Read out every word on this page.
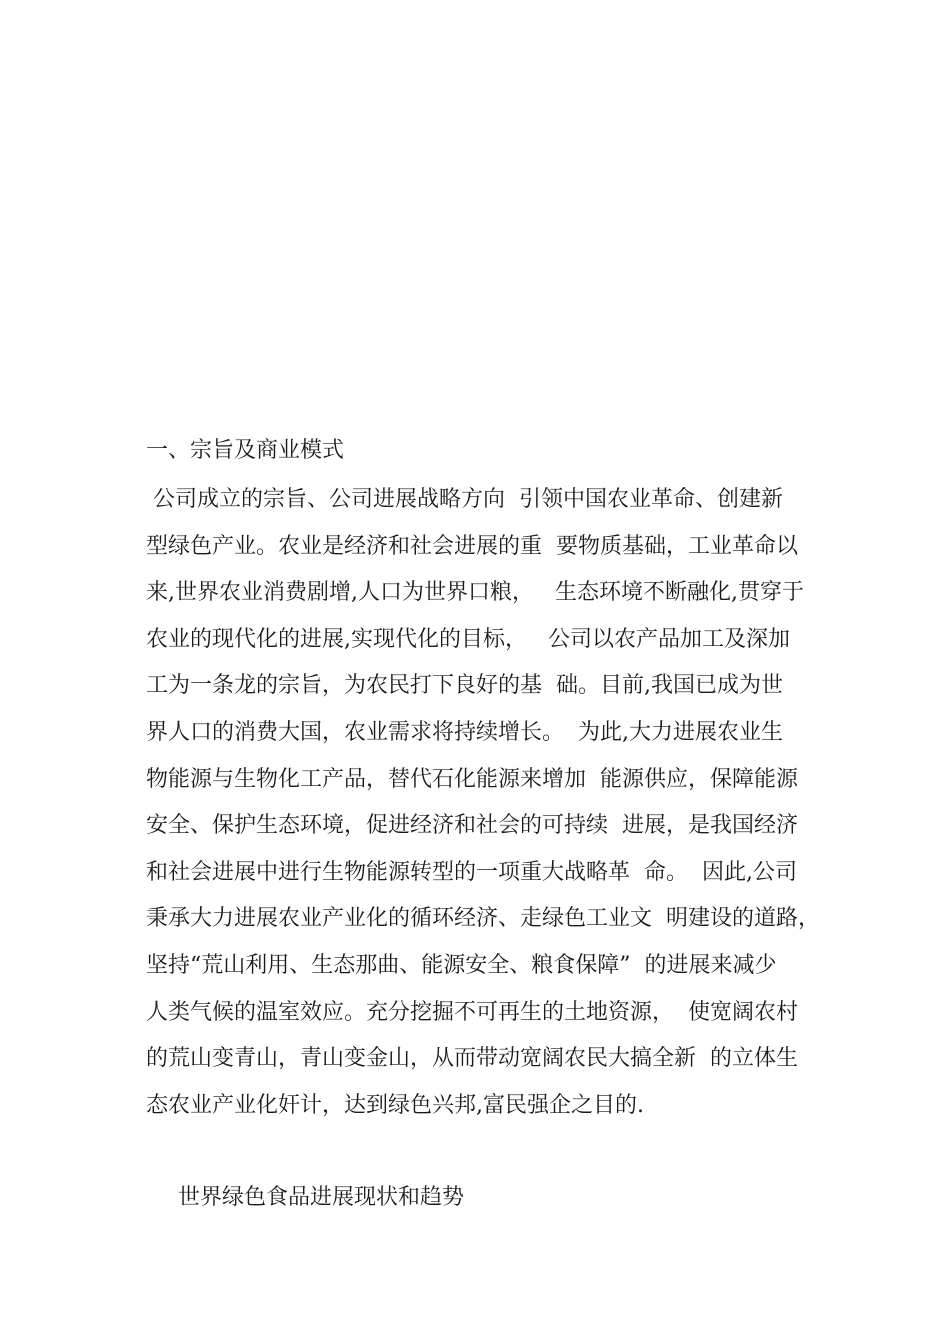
一、宗旨及商业模式
公司成立的宗旨、公司进展战略方向  引领中国农业革命、创建新
型绿色产业。农业是经济和社会进展的重  要物质基础，工业革命以
来,世界农业消费剧增,人口为世界口粮，   生态环境不断融化,贯穿于
农业的现代化的进展,实现代化的目标，   公司以农产品加工及深加
工为一条龙的宗旨，为农民打下良好的基  础。目前,我国已成为世
界人口的消费大国，农业需求将持续增长。  为此,大力进展农业生
物能源与生物化工产品，替代石化能源来增加  能源供应，保障能源
安全、保护生态环境，促进经济和社会的可持续  进展，是我国经济
和社会进展中进行生物能源转型的一项重大战略革  命。  因此,公司
秉承大力进展农业产业化的循环经济、走绿色工业文  明建设的道路，
坚持“荒山利用、生态那曲、能源安全、粮食保障”  的进展来减少
人类气候的温室效应。充分挖掘不可再生的土地资源，  使宽阔农村
的荒山变青山，青山变金山，从而带动宽阔农民大搞全新  的立体生
态农业产业化奸计，达到绿色兴邦,富民强企之目的.
世界绿色食品进展现状和趋势
